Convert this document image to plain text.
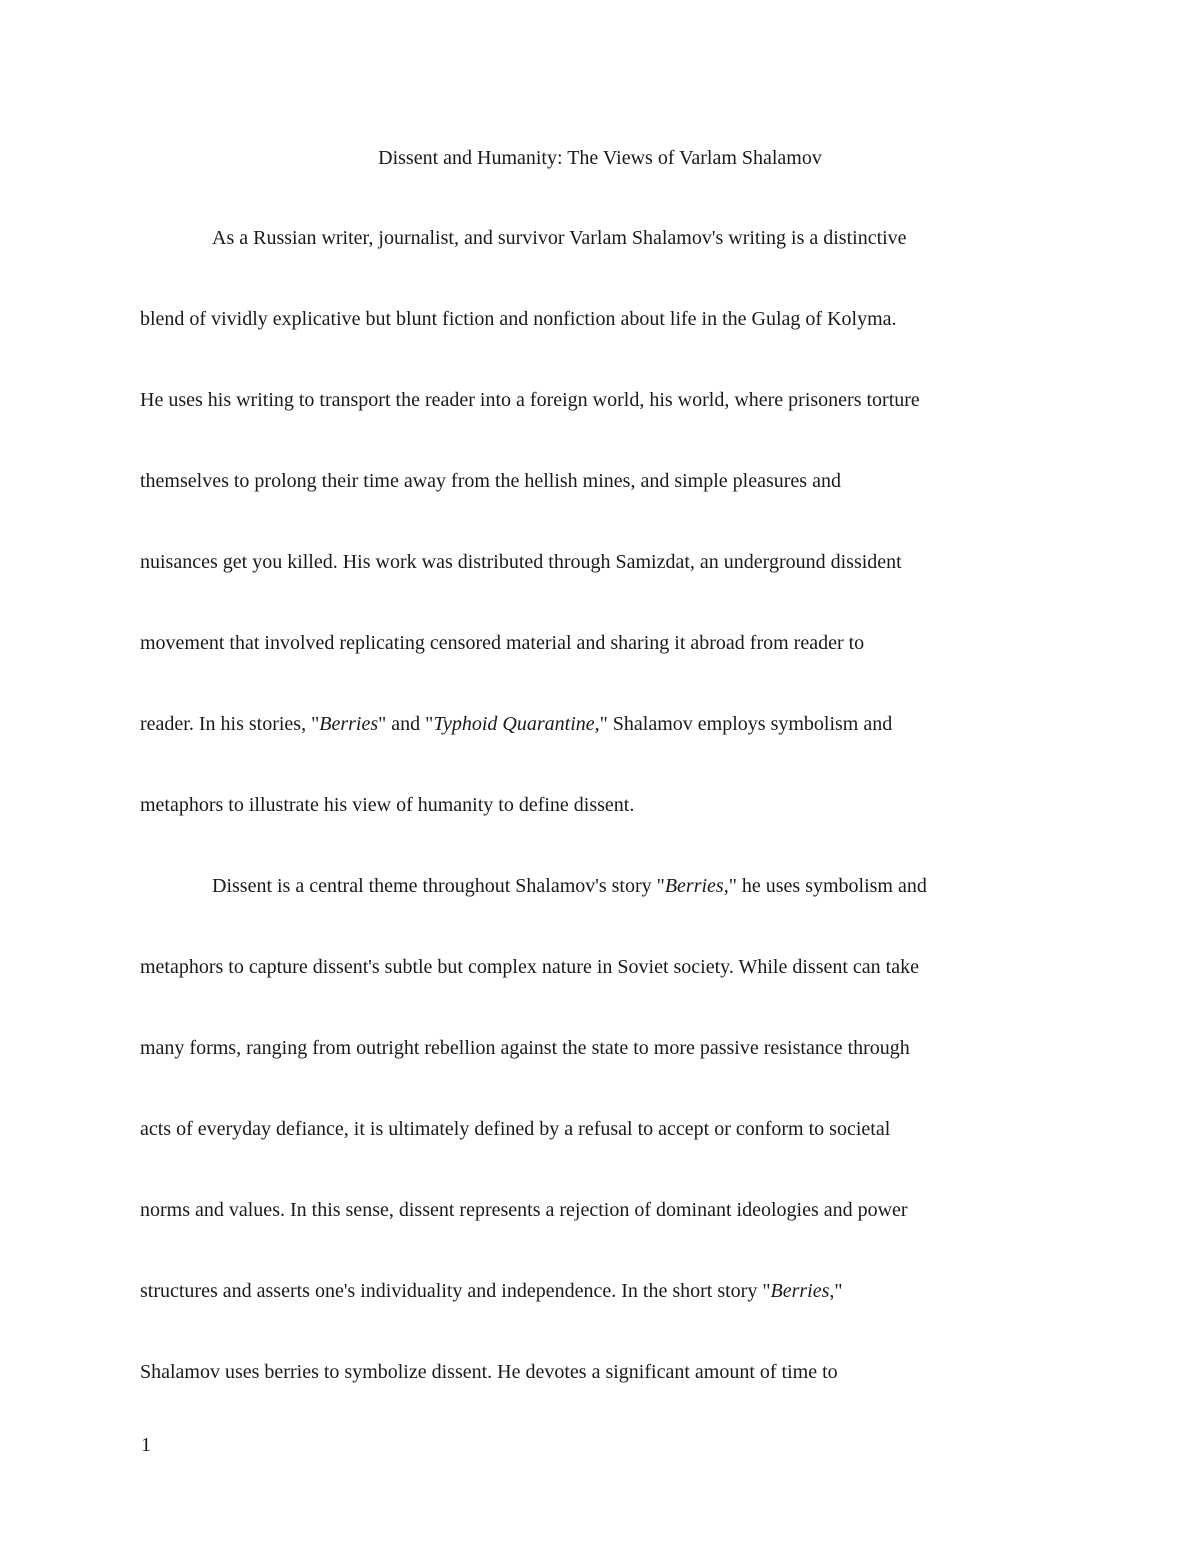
Dissent and Humanity: The Views of Varlam Shalamov
As a Russian writer, journalist, and survivor Varlam Shalamov's writing is a distinctive
blend of vividly explicative but blunt fiction and nonfiction about life in the Gulag of Kolyma.
He uses his writing to transport the reader into a foreign world, his world, where prisoners torture
themselves to prolong their time away from the hellish mines, and simple pleasures and
nuisances get you killed. His work was distributed through Samizdat, an underground dissident
movement that involved replicating censored material and sharing it abroad from reader to
reader. In his stories, "Berries" and "Typhoid Quarantine," Shalamov employs symbolism and
metaphors to illustrate his view of humanity to define dissent.
Dissent is a central theme throughout Shalamov's story "Berries," he uses symbolism and
metaphors to capture dissent's subtle but complex nature in Soviet society. While dissent can take
many forms, ranging from outright rebellion against the state to more passive resistance through
acts of everyday defiance, it is ultimately defined by a refusal to accept or conform to societal
norms and values. In this sense, dissent represents a rejection of dominant ideologies and power
structures and asserts one's individuality and independence. In the short story "Berries,"
Shalamov uses berries to symbolize dissent. He devotes a significant amount of time to
1
